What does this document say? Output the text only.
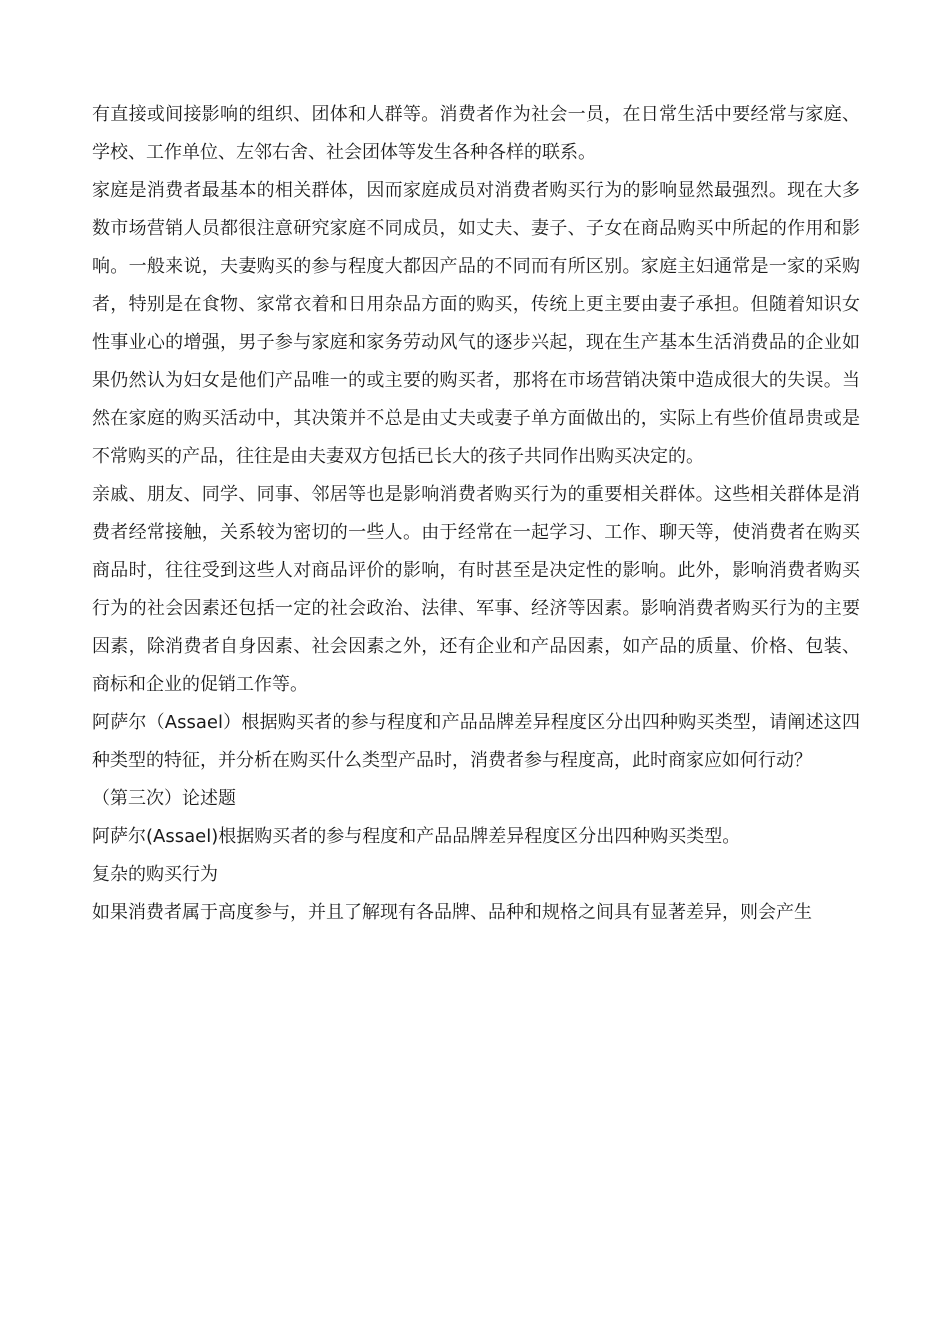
有直接或间接影响的组织、团体和人群等。消费者作为社会一员，在日常生活中要经常与家庭、学校、工作单位、左邻右舍、社会团体等发生各种各样的联系。

家庭是消费者最基本的相关群体，因而家庭成员对消费者购买行为的影响显然最强烈。现在大多数市场营销人员都很注意研究家庭不同成员，如丈夫、妻子、子女在商品购买中所起的作用和影响。一般来说，夫妻购买的参与程度大都因产品的不同而有所区别。家庭主妇通常是一家的采购者，特别是在食物、家常衣着和日用杂品方面的购买，传统上更主要由妻子承担。但随着知识女性事业心的增强，男子参与家庭和家务劳动风气的逐步兴起，现在生产基本生活消费品的企业如果仍然认为妇女是他们产品唯一的或主要的购买者，那将在市场营销决策中造成很大的失误。当然在家庭的购买活动中，其决策并不总是由丈夫或妻子单方面做出的，实际上有些价值昂贵或是不常购买的产品，往往是由夫妻双方包括已长大的孩子共同作出购买决定的。

亲戚、朋友、同学、同事、邻居等也是影响消费者购买行为的重要相关群体。这些相关群体是消费者经常接触，关系较为密切的一些人。由于经常在一起学习、工作、聊天等，使消费者在购买商品时，往往受到这些人对商品评价的影响，有时甚至是决定性的影响。此外，影响消费者购买行为的社会因素还包括一定的社会政治、法律、军事、经济等因素。影响消费者购买行为的主要因素，除消费者自身因素、社会因素之外，还有企业和产品因素，如产品的质量、价格、包装、商标和企业的促销工作等。

阿萨尔（Assael）根据购买者的参与程度和产品品牌差异程度区分出四种购买类型，请阐述这四种类型的特征，并分析在购买什么类型产品时，消费者参与程度高，此时商家应如何行动？

（第三次）论述题

阿萨尔(Assael)根据购买者的参与程度和产品品牌差异程度区分出四种购买类型。

复杂的购买行为

如果消费者属于高度参与，并且了解现有各品牌、品种和规格之间具有显著差异，则会产生
